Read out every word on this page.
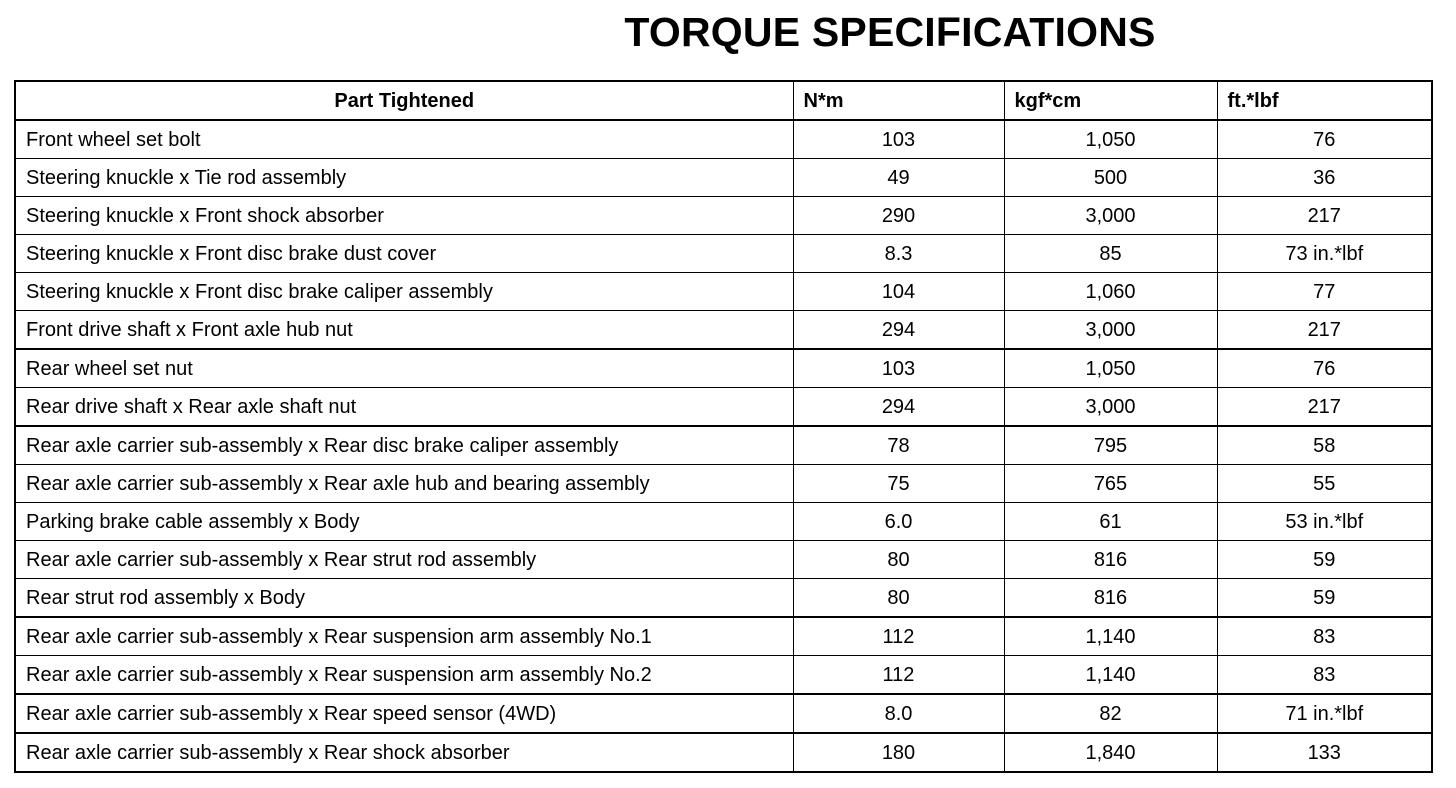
TORQUE SPECIFICATIONS
Part Tightened	N*m	kgf*cm	ft.*lbf
Front wheel set bolt	103	1,050	76
Steering knuckle x Tie rod assembly	49	500	36
Steering knuckle x Front shock absorber	290	3,000	217
Steering knuckle x Front disc brake dust cover	8.3	85	73 in.*lbf
Steering knuckle x Front disc brake caliper assembly	104	1,060	77
Front drive shaft x Front axle hub nut	294	3,000	217
Rear wheel set nut	103	1,050	76
Rear drive shaft x Rear axle shaft nut	294	3,000	217
Rear axle carrier sub-assembly x Rear disc brake caliper assembly	78	795	58
Rear axle carrier sub-assembly x Rear axle hub and bearing assembly	75	765	55
Parking brake cable assembly x Body	6.0	61	53 in.*lbf
Rear axle carrier sub-assembly x Rear strut rod assembly	80	816	59
Rear strut rod assembly x Body	80	816	59
Rear axle carrier sub-assembly x Rear suspension arm assembly No.1	112	1,140	83
Rear axle carrier sub-assembly x Rear suspension arm assembly No.2	112	1,140	83
Rear axle carrier sub-assembly x Rear speed sensor (4WD)	8.0	82	71 in.*lbf
Rear axle carrier sub-assembly x Rear shock absorber	180	1,840	133
